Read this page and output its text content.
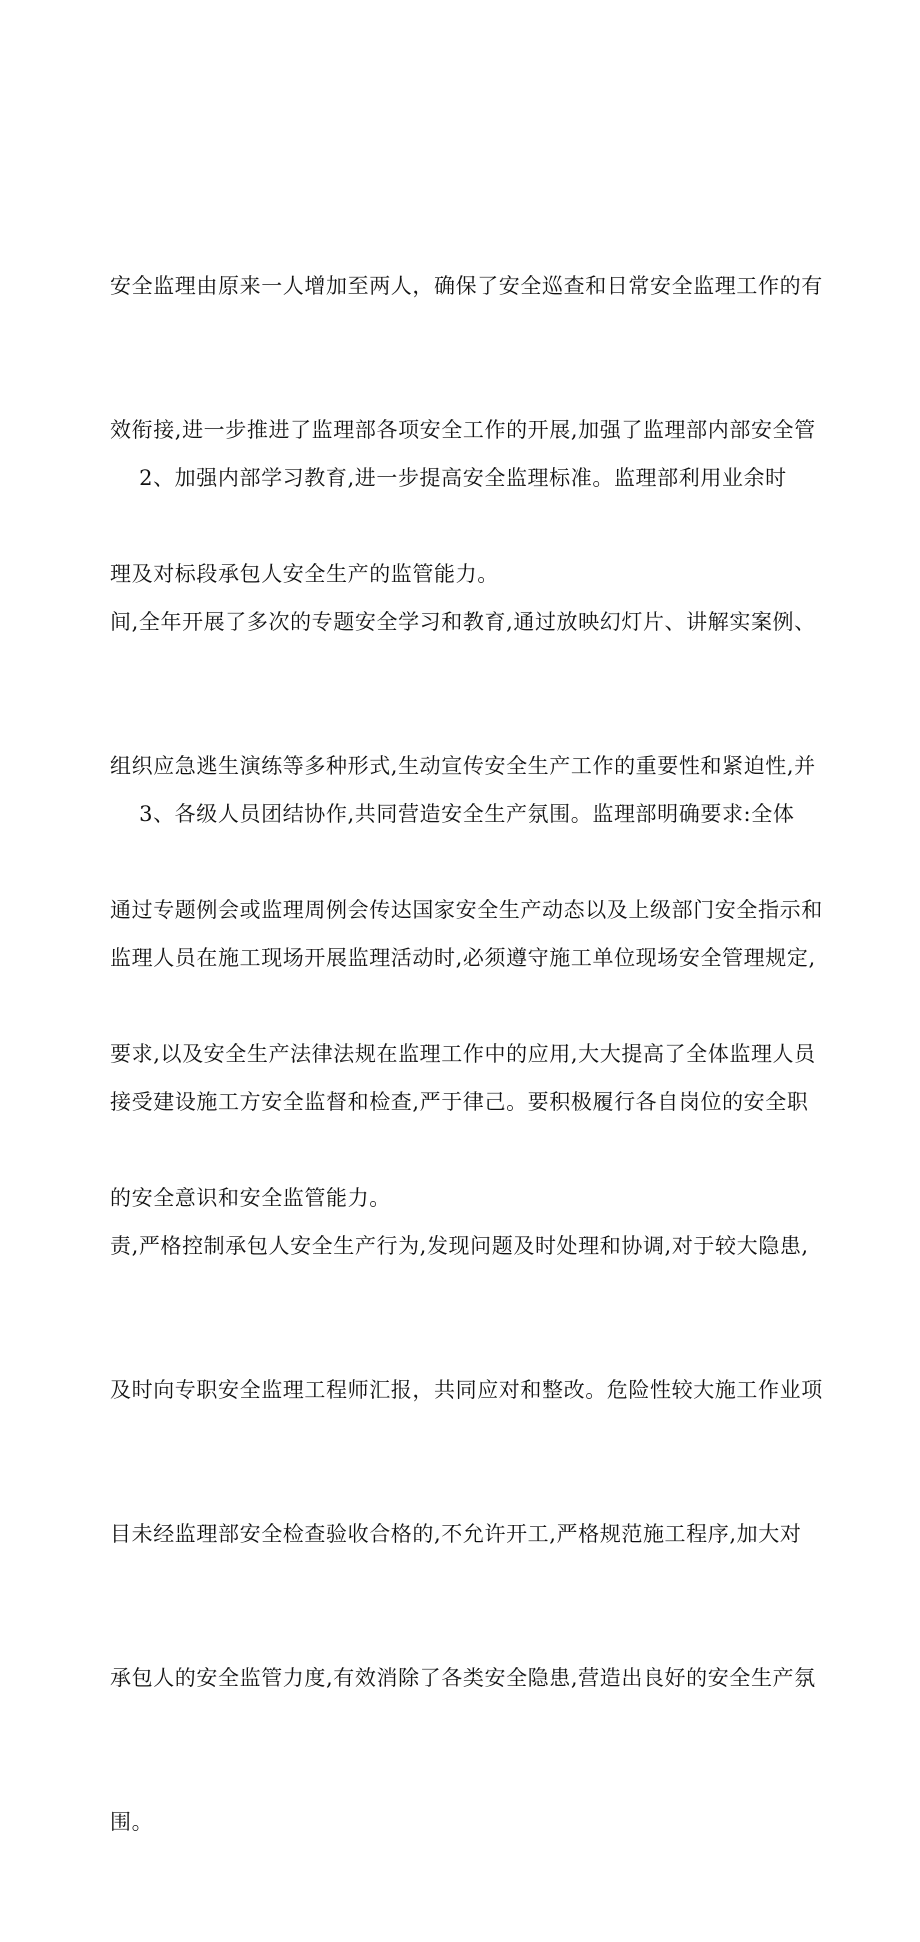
安全监理由原来一人增加至两人，确保了安全巡查和日常安全监理工作的有

效衔接,进一步推进了监理部各项安全工作的开展,加强了监理部内部安全管

理及对标段承包人安全生产的监管能力。

2、加强内部学习教育,进一步提高安全监理标准。监理部利用业余时

间,全年开展了多次的专题安全学习和教育,通过放映幻灯片、讲解实案例、

组织应急逃生演练等多种形式,生动宣传安全生产工作的重要性和紧迫性,并

通过专题例会或监理周例会传达国家安全生产动态以及上级部门安全指示和

要求,以及安全生产法律法规在监理工作中的应用,大大提高了全体监理人员

的安全意识和安全监管能力。

3、各级人员团结协作,共同营造安全生产氛围。监理部明确要求:全体

监理人员在施工现场开展监理活动时,必须遵守施工单位现场安全管理规定,

接受建设施工方安全监督和检查,严于律己。要积极履行各自岗位的安全职

责,严格控制承包人安全生产行为,发现问题及时处理和协调,对于较大隐患,

及时向专职安全监理工程师汇报，共同应对和整改。危险性较大施工作业项

目未经监理部安全检查验收合格的,不允许开工,严格规范施工程序,加大对

承包人的安全监管力度,有效消除了各类安全隐患,营造出良好的安全生产氛

围。
